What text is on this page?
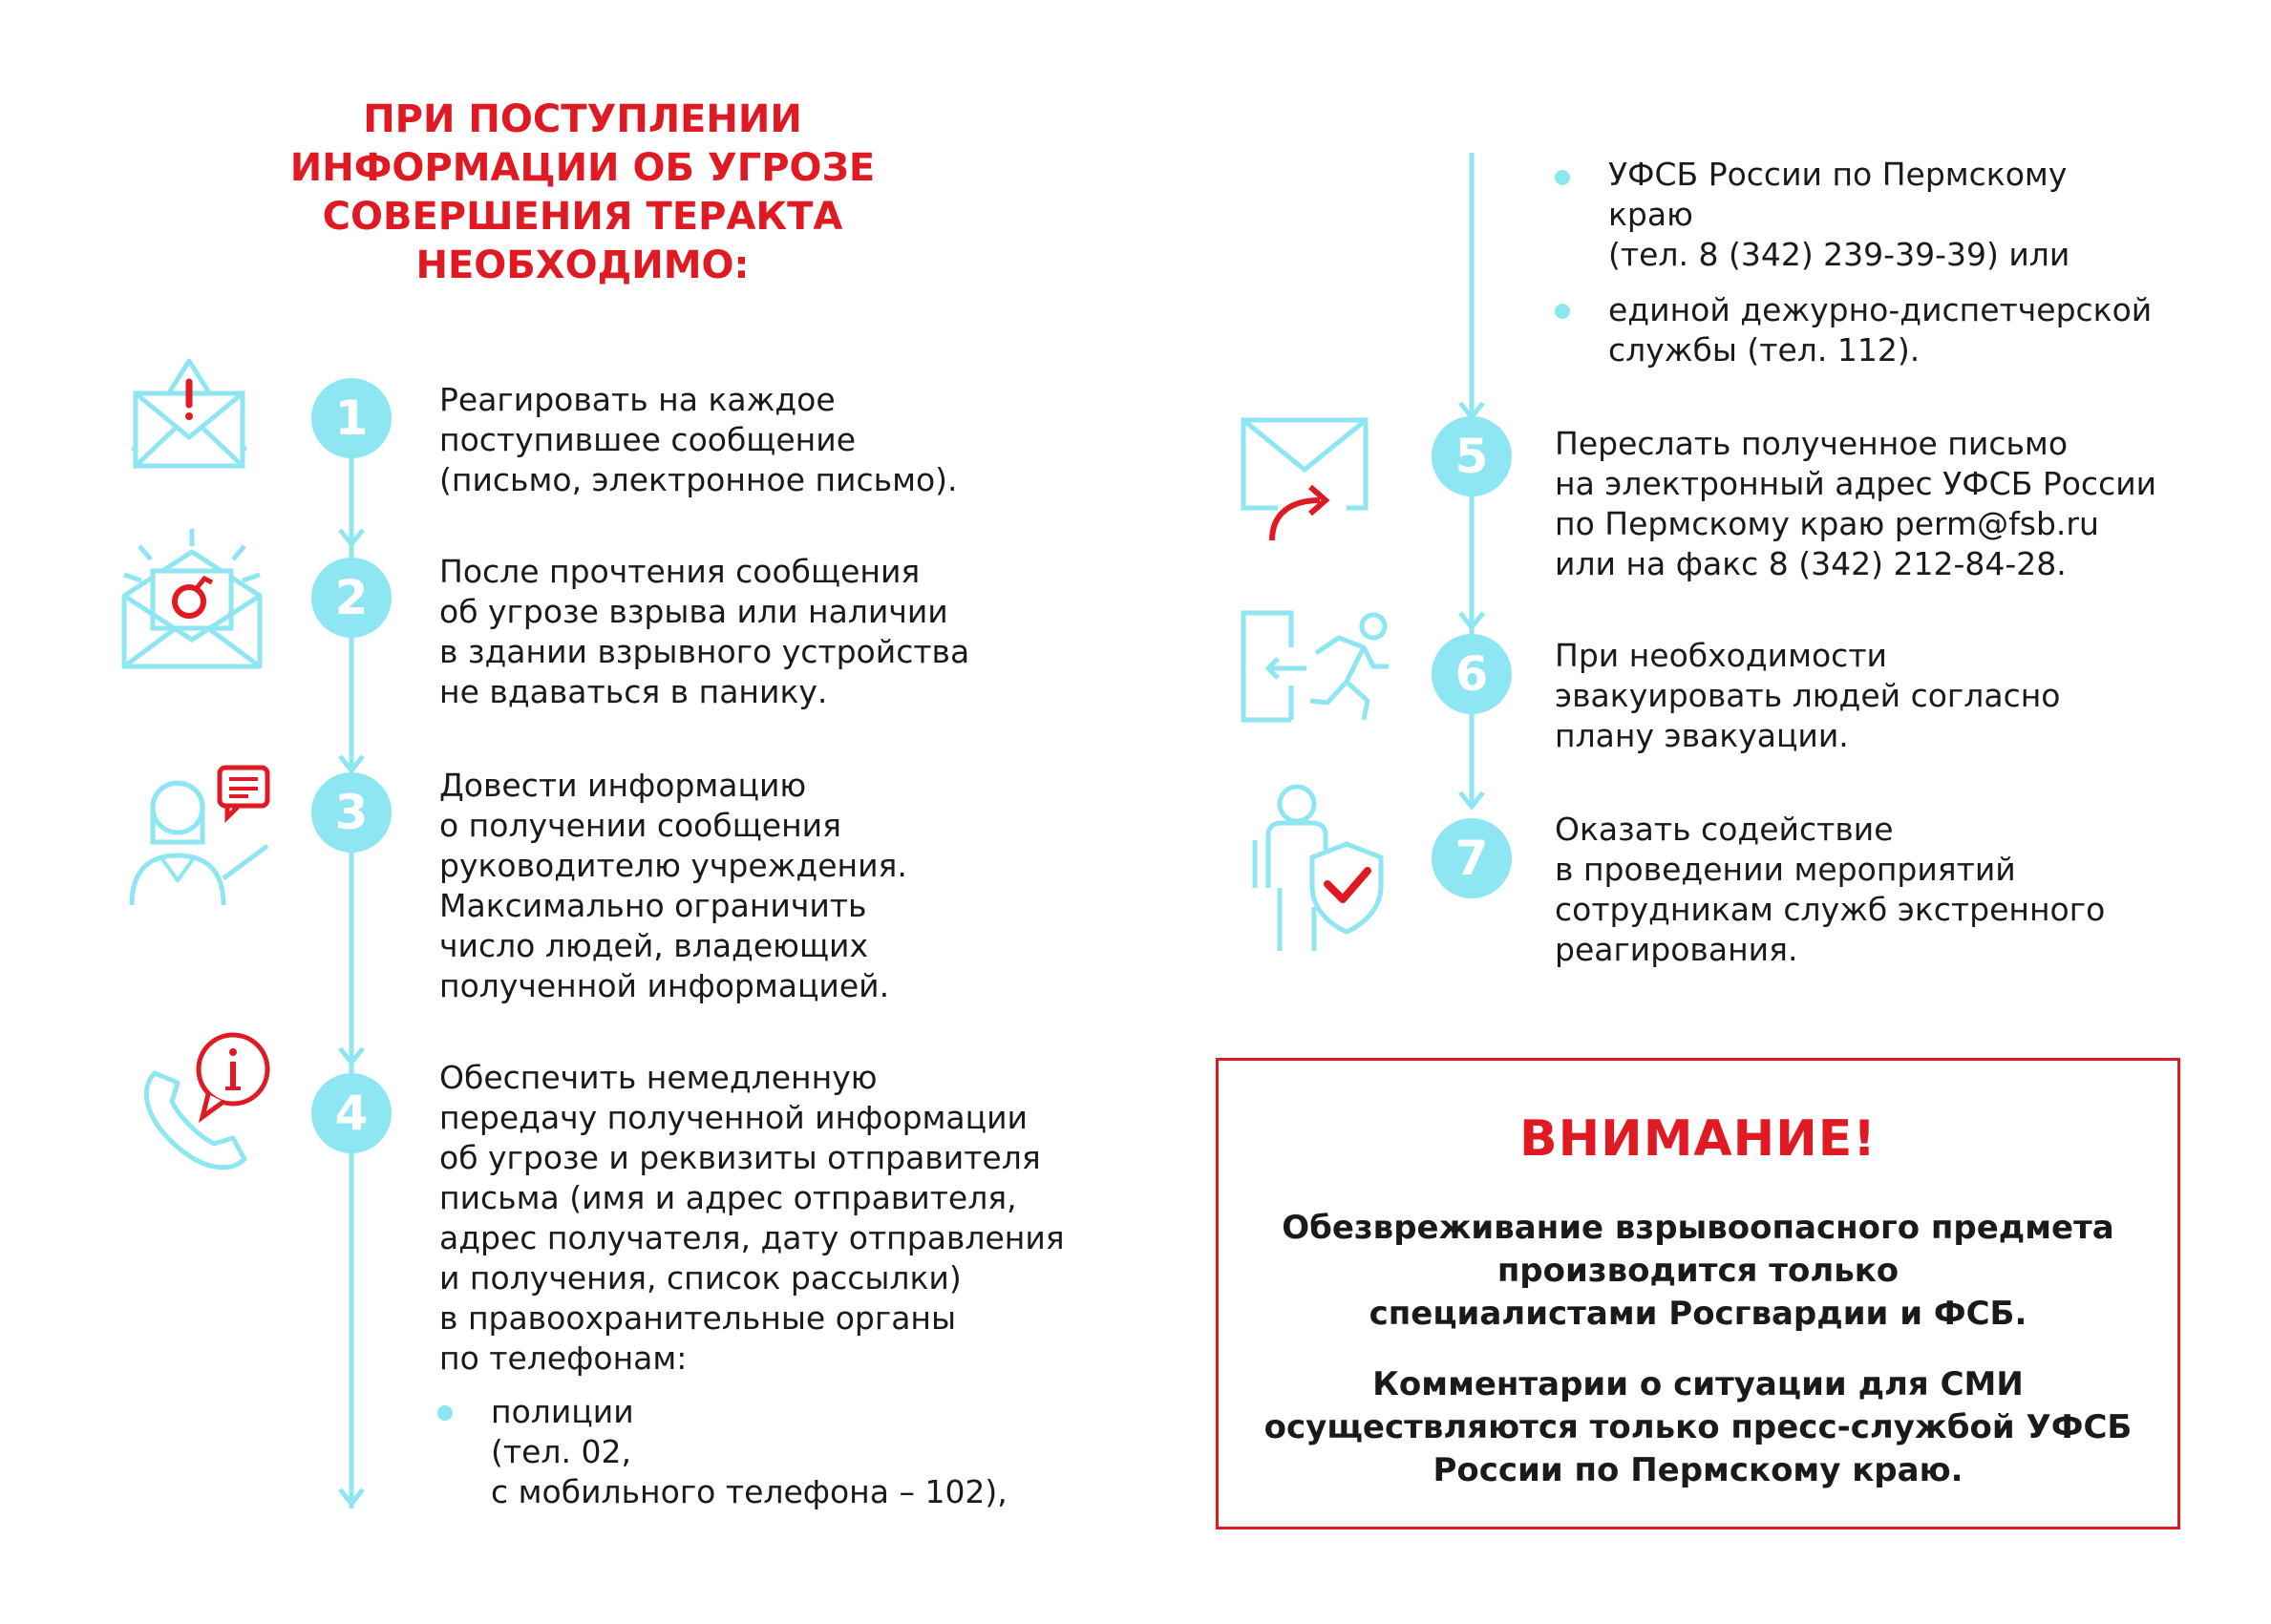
ПРИ ПОСТУПЛЕНИИ
ИНФОРМАЦИИ ОБ УГРОЗЕ
СОВЕРШЕНИЯ ТЕРАКТА
НЕОБХОДИМО:
1
2
3
4
5
6
7
Реагировать на каждое
поступившее сообщение
(письмо, электронное письмо).
После прочтения сообщения
об угрозе взрыва или наличии
в здании взрывного устройства
не вдаваться в панику.
Довести информацию
о получении сообщения
руководителю учреждения.
Максимально ограничить
число людей, владеющих
полученной информацией.
Обеспечить немедленную
передачу полученной информации
об угрозе и реквизиты отправителя
письма (имя и адрес отправителя,
адрес получателя, дату отправления
и получения, список рассылки)
в правоохранительные органы
по телефонам:
полиции
(тел. 02,
с мобильного телефона – 102),
УФСБ России по Пермскому
краю
(тел. 8 (342) 239-39-39) или
единой дежурно-диспетчерской
службы (тел. 112).
Переслать полученное письмо
на электронный адрес УФСБ России
по Пермскому краю perm@fsb.ru
или на факс 8 (342) 212-84-28.
При необходимости
эвакуировать людей согласно
плану эвакуации.
Оказать содействие
в проведении мероприятий
сотрудникам служб экстренного
реагирования.
ВНИМАНИЕ!
Обезвреживание взрывоопасного предмета
производится только
специалистами Росгвардии и ФСБ.
Комментарии о ситуации для СМИ
осуществляются только пресс-службой УФСБ
России по Пермскому краю.
